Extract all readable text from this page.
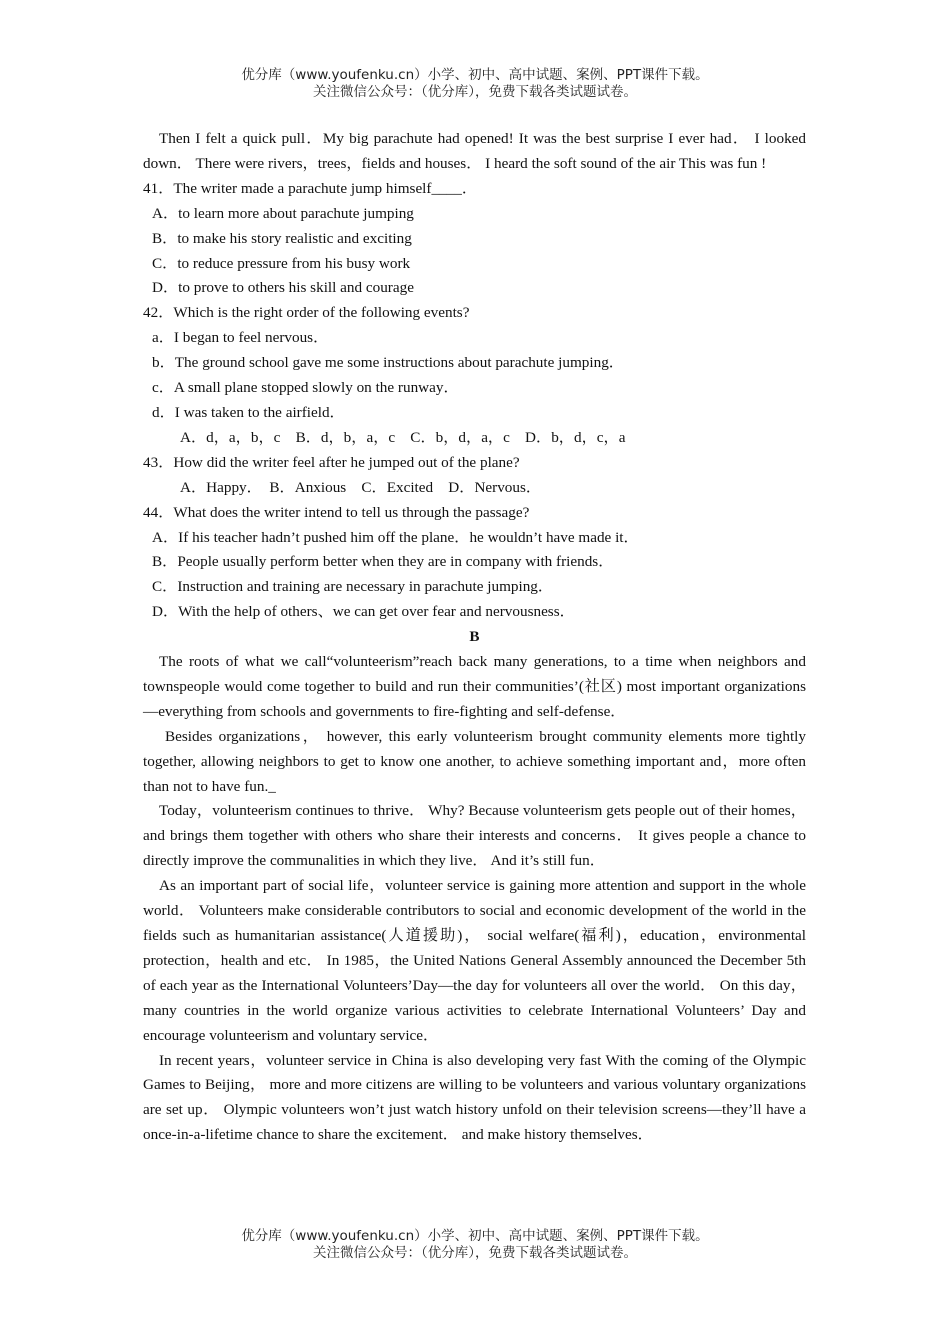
优分库（www.youfenku.cn）小学、初中、高中试题、案例、PPT课件下载。
关注微信公众号：（优分库），免费下载各类试题试卷。

Then I felt a quick pull．My big parachute had opened! It was the best surprise I ever had． I looked down． There were rivers，trees，fields and houses． I heard the soft sound of the air This was fun !

41．The writer made a parachute jump himself____．

A．to learn more about parachute jumping

B．to make his story realistic and exciting

C．to reduce pressure from his busy work

D．to prove to others his skill and courage

42．Which is the right order of the following events?

a．I began to feel nervous．

b．The ground school gave me some instructions about parachute jumping．

c．A small plane stopped slowly on the runway．

d．I was taken to the airfield．

A．d，a，b，c　B．d，b，a，c　C．b，d，a，c　D．b，d，c，a

43．How did the writer feel after he jumped out of the plane?

A．Happy．　B．Anxious　C．Excited　D．Nervous．

44．What does the writer intend to tell us through the passage?

A．If his teacher hadn’t pushed him off the plane．he wouldn’t have made it．

B．People usually perform better when they are in company with friends．

C．Instruction and training are necessary in parachute jumping．

D．With the help of others、we can get over fear and nervousness．

B

The roots of what we call“volunteerism”reach back many generations, to a time when neighbors and townspeople would come together to build and run their communities’(社区) most important organizations—everything from schools and governments to fire-fighting and self-defense．

Besides organizations， however, this early volunteerism brought community elements more tightly together, allowing neighbors to get to know one another, to achieve something important and，more often than not to have fun._

Today，volunteerism continues to thrive． Why? Because volunteerism gets people out of their homes， and brings them together with others who share their interests and concerns． It gives people a chance to directly improve the communalities in which they live． And it’s still fun．

As an important part of social life，volunteer service is gaining more attention and support in the whole world． Volunteers make considerable contributors to social and economic development of the world in the fields such as humanitarian assistance(人道援助)， social welfare(福利)，education，environmental protection，health and etc． In 1985，the United Nations General Assembly announced the December 5th of each year as the International Volunteers’Day—the day for volunteers all over the world． On this day，many countries in the world organize various activities to celebrate International Volunteers’ Day and encourage volunteerism and voluntary service．

In recent years，volunteer service in China is also developing very fast With the coming of the Olympic Games to Beijing， more and more citizens are willing to be volunteers and various voluntary organizations are set up． Olympic volunteers won’t just watch history unfold on their television screens—they’ll have a once-in-a-lifetime chance to share the excitement． and make history themselves．

优分库（www.youfenku.cn）小学、初中、高中试题、案例、PPT课件下载。
关注微信公众号：（优分库），免费下载各类试题试卷。
